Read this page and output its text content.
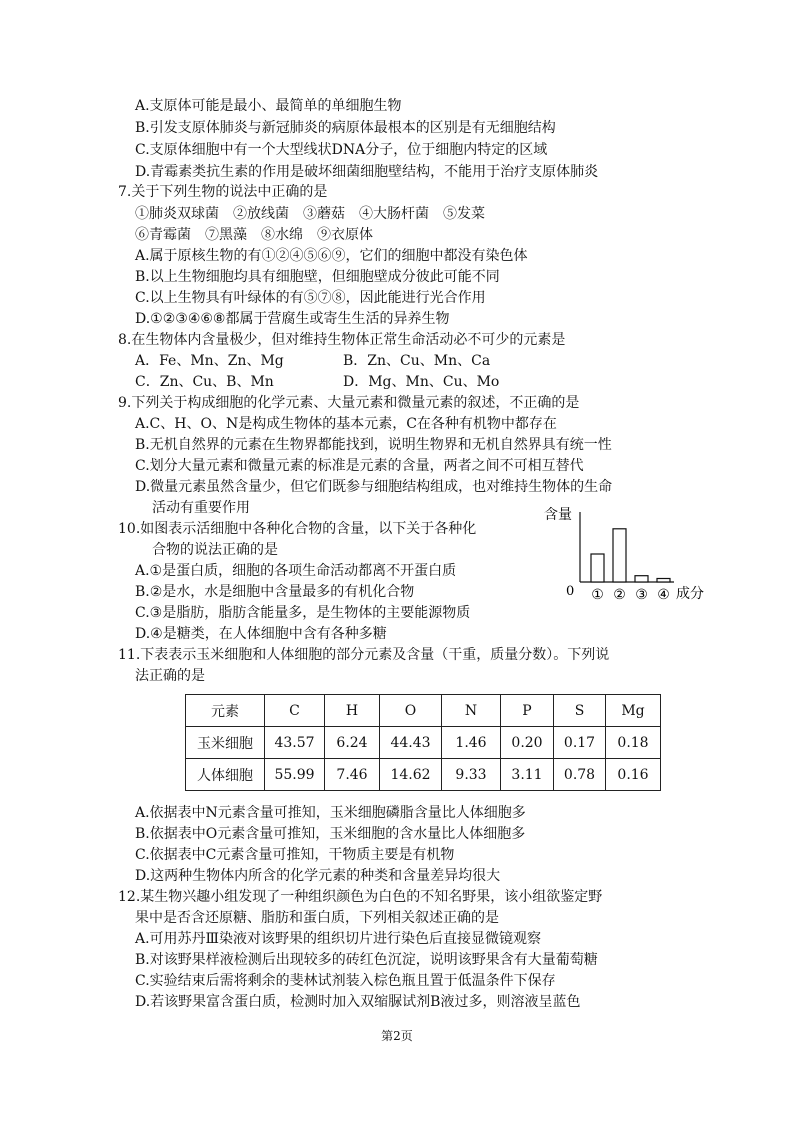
A.支原体可能是最小、最简单的单细胞生物
B.引发支原体肺炎与新冠肺炎的病原体最根本的区别是有无细胞结构
C.支原体细胞中有一个大型线状DNA分子，位于细胞内特定的区域
D.青霉素类抗生素的作用是破坏细菌细胞壁结构，不能用于治疗支原体肺炎
7.关于下列生物的说法中正确的是
①肺炎双球菌　②放线菌　③蘑菇　④大肠杆菌　⑤发菜
⑥青霉菌　⑦黑藻　⑧水绵　⑨衣原体
A.属于原核生物的有①②④⑤⑥⑨，它们的细胞中都没有染色体
B.以上生物细胞均具有细胞壁，但细胞壁成分彼此可能不同
C.以上生物具有叶绿体的有⑤⑦⑧，因此能进行光合作用
D.①②③④⑥⑧都属于营腐生或寄生生活的异养生物
8.在生物体内含量极少，但对维持生物体正常生命活动必不可少的元素是
A．Fe、Mn、Zn、Mg	B．Zn、Cu、Mn、Ca
C．Zn、Cu、B、Mn	D．Mg、Mn、Cu、Mo
9.下列关于构成细胞的化学元素、大量元素和微量元素的叙述，不正确的是
A.C、H、O、N是构成生物体的基本元素，C在各种有机物中都存在
B.无机自然界的元素在生物界都能找到，说明生物界和无机自然界具有统一性
C.划分大量元素和微量元素的标准是元素的含量，两者之间不可相互替代
D.微量元素虽然含量少，但它们既参与细胞结构组成，也对维持生物体的生命
活动有重要作用
10.如图表示活细胞中各种化合物的含量，以下关于各种化
合物的说法正确的是
A.①是蛋白质，细胞的各项生命活动都离不开蛋白质
B.②是水，水是细胞中含量最多的有机化合物
C.③是脂肪，脂肪含能量多，是生物体的主要能源物质
D.④是糖类，在人体细胞中含有各种多糖
含量
0	成分
① ② ③ ④
11.下表表示玉米细胞和人体细胞的部分元素及含量（干重，质量分数）。下列说
法正确的是
元素	C	H	O	N	P	S	Mg
玉米细胞	43.57	6.24	44.43	1.46	0.20	0.17	0.18
人体细胞	55.99	7.46	14.62	9.33	3.11	0.78	0.16
A.依据表中N元素含量可推知，玉米细胞磷脂含量比人体细胞多
B.依据表中O元素含量可推知，玉米细胞的含水量比人体细胞多
C.依据表中C元素含量可推知，干物质主要是有机物
D.这两种生物体内所含的化学元素的种类和含量差异均很大
12.某生物兴趣小组发现了一种组织颜色为白色的不知名野果，该小组欲鉴定野
果中是否含还原糖、脂肪和蛋白质，下列相关叙述正确的是
A.可用苏丹Ⅲ染液对该野果的组织切片进行染色后直接显微镜观察
B.对该野果样液检测后出现较多的砖红色沉淀，说明该野果含有大量葡萄糖
C.实验结束后需将剩余的斐林试剂装入棕色瓶且置于低温条件下保存
D.若该野果富含蛋白质，检测时加入双缩脲试剂B液过多，则溶液呈蓝色
第2页
